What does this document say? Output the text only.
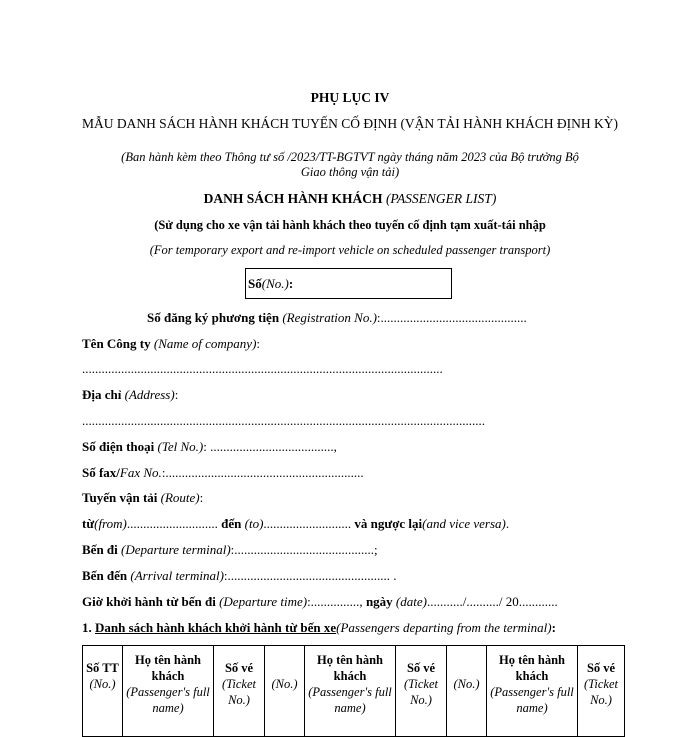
PHỤ LỤC IV
MẪU DANH SÁCH HÀNH KHÁCH TUYẾN CỐ ĐỊNH (VẬN TẢI HÀNH KHÁCH ĐỊNH KỲ)
(Ban hành kèm theo Thông tư số /2023/TT-BGTVT ngày tháng năm 2023 của Bộ trưởng Bộ
Giao thông vận tải)
DANH SÁCH HÀNH KHÁCH (PASSENGER LIST)
(Sử dụng cho xe vận tải hành khách theo tuyến cố định tạm xuất-tái nhập
(For temporary export and re-import vehicle on scheduled passenger transport)
Số(No.):
Số đăng ký phương tiện (Registration No.):.............................................
Tên Công ty (Name of company):
...............................................................................................................
Địa chỉ (Address):
............................................................................................................................
Số điện thoại (Tel No.): ......................................,
Số fax/Fax No.:.............................................................
Tuyến vận tải (Route):
từ(from)............................ đến (to)........................... và ngược lại(and vice versa).
Bến đi (Departure terminal):...........................................;
Bến đến (Arrival terminal):.................................................. .
Giờ khởi hành từ bến đi (Departure time):..............., ngày (date).........../........../ 20............
1. Danh sách hành khách khởi hành từ bến xe(Passengers departing from the terminal):
Số TT
(No.)	Họ tên hành khách
(Passenger's full name)	Số vé
(Ticket No.)	(No.)	Họ tên hành khách
(Passenger's full name)	Số vé
(Ticket No.)	(No.)	Họ tên hành khách
(Passenger's full name)	Số vé
(Ticket No.)
